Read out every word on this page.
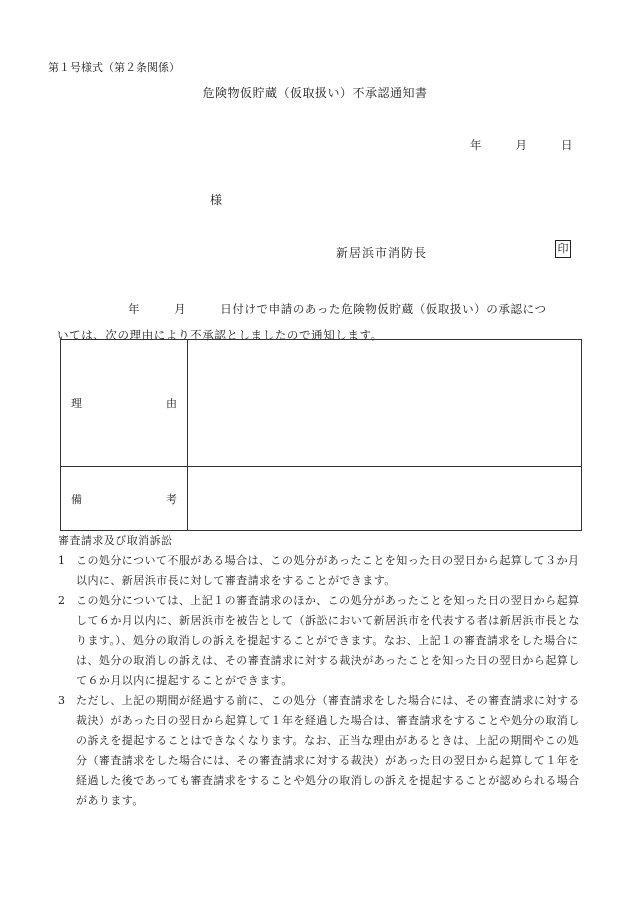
第１号様式（第２条関係）
危険物仮貯蔵（仮取扱い）不承認通知書
年	月	日
様
新居浜市消防長	印
年	月	日付けで申請のあった危険物仮貯蔵（仮取扱い）の承認につ
いては、次の理由により不承認としましたので通知します。
理 由	

備 考	

審査請求及び取消訴訟
1 この処分について不服がある場合は、この処分があったことを知った日の翌日から起算して３か月以内に、新居浜市長に対して審査請求をすることができます。
2 この処分については、上記１の審査請求のほか、この処分があったことを知った日の翌日から起算して６か月以内に、新居浜市を被告として（訴訟において新居浜市を代表する者は新居浜市長となります。）、処分の取消しの訴えを提起することができます。なお、上記１の審査請求をした場合には、処分の取消しの訴えは、その審査請求に対する裁決があったことを知った日の翌日から起算して６か月以内に提起することができます。
3 ただし、上記の期間が経過する前に、この処分（審査請求をした場合には、その審査請求に対する裁決）があった日の翌日から起算して１年を経過した場合は、審査請求をすることや処分の取消しの訴えを提起することはできなくなります。なお、正当な理由があるときは、上記の期間やこの処分（審査請求をした場合には、その審査請求に対する裁決）があった日の翌日から起算して１年を経過した後であっても審査請求をすることや処分の取消しの訴えを提起することが認められる場合があります。
